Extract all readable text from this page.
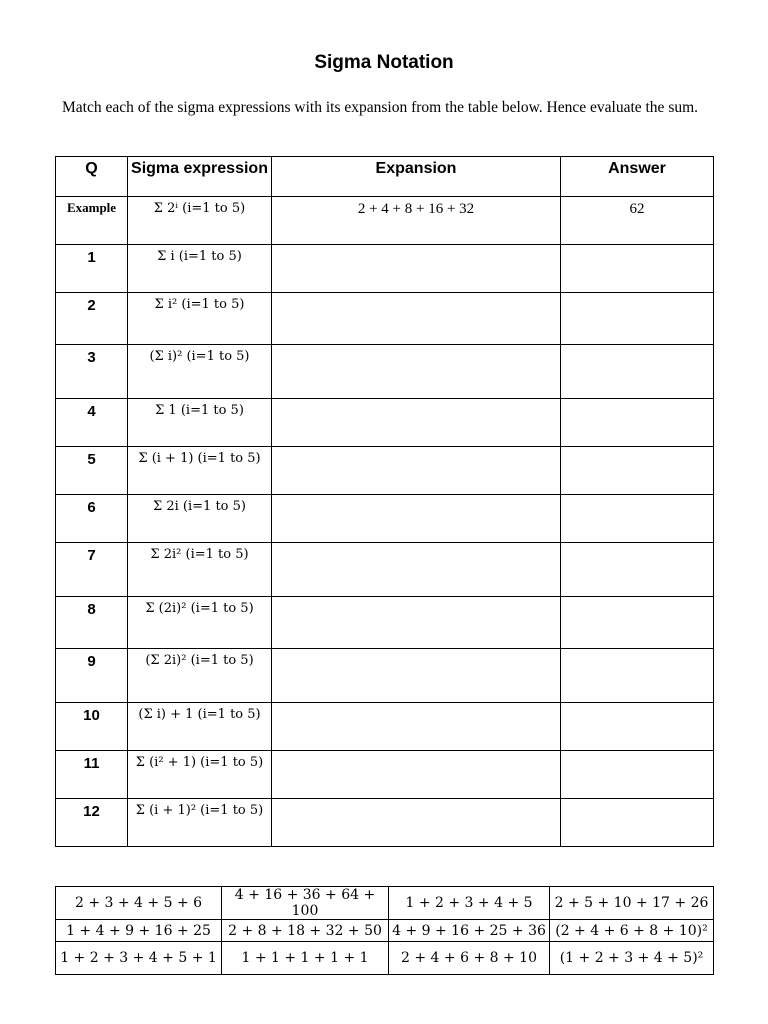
Sigma Notation
Match each of the sigma expressions with its expansion from the table below. Hence evaluate the sum.
Q	Sigma expression	Expansion	Answer
Example	Σ 2ⁱ (i=1 to 5)	2 + 4 + 8 + 16 + 32	62
1	Σ i (i=1 to 5)		
2	Σ i² (i=1 to 5)		
3	(Σ i)² (i=1 to 5)		
4	Σ 1 (i=1 to 5)		
5	Σ (i + 1) (i=1 to 5)		
6	Σ 2i (i=1 to 5)		
7	Σ 2i² (i=1 to 5)		
8	Σ (2i)² (i=1 to 5)		
9	(Σ 2i)² (i=1 to 5)		
10	(Σ i) + 1 (i=1 to 5)		
11	Σ (i² + 1) (i=1 to 5)		
12	Σ (i + 1)² (i=1 to 5)		
2 + 3 + 4 + 5 + 6	4 + 16 + 36 + 64 + 100	1 + 2 + 3 + 4 + 5	2 + 5 + 10 + 17 + 26
1 + 4 + 9 + 16 + 25	2 + 8 + 18 + 32 + 50	4 + 9 + 16 + 25 + 36	(2 + 4 + 6 + 8 + 10)²
1 + 2 + 3 + 4 + 5 + 1	1 + 1 + 1 + 1 + 1	2 + 4 + 6 + 8 + 10	(1 + 2 + 3 + 4 + 5)²
